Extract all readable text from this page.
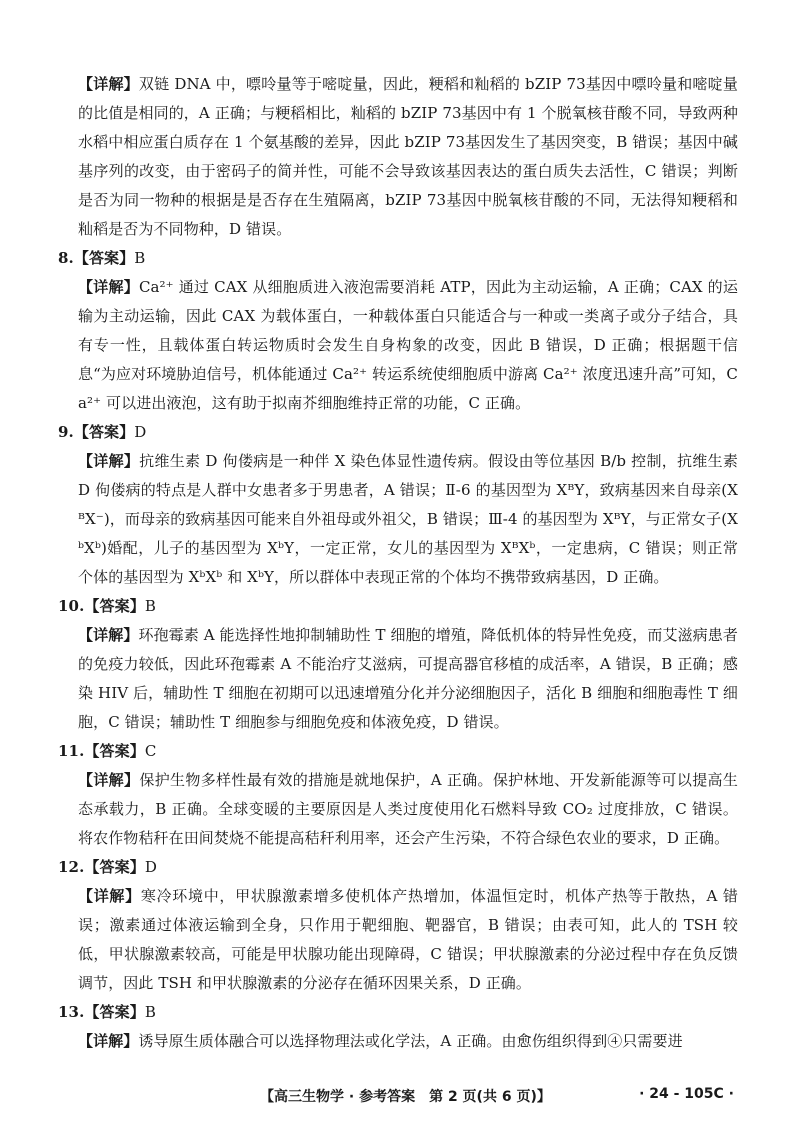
【详解】双链 DNA 中，嘌呤量等于嘧啶量，因此，粳稻和籼稻的 bZIP 73基因中嘌呤量和嘧啶量的比值是相同的，A 正确；与粳稻相比，籼稻的 bZIP 73基因中有 1 个脱氧核苷酸不同，导致两种水稻中相应蛋白质存在 1 个氨基酸的差异，因此 bZIP 73基因发生了基因突变，B 错误；基因中碱基序列的改变，由于密码子的简并性，可能不会导致该基因表达的蛋白质失去活性，C 错误；判断是否为同一物种的根据是是否存在生殖隔离，bZIP 73基因中脱氧核苷酸的不同，无法得知粳稻和籼稻是否为不同物种，D 错误。

8.【答案】B

【详解】Ca²⁺ 通过 CAX 从细胞质进入液泡需要消耗 ATP，因此为主动运输，A 正确；CAX 的运输为主动运输，因此 CAX 为载体蛋白，一种载体蛋白只能适合与一种或一类离子或分子结合，具有专一性，且载体蛋白转运物质时会发生自身构象的改变，因此 B 错误，D 正确；根据题干信息“为应对环境胁迫信号，机体能通过 Ca²⁺ 转运系统使细胞质中游离 Ca²⁺ 浓度迅速升高”可知，Ca²⁺ 可以进出液泡，这有助于拟南芥细胞维持正常的功能，C 正确。

9.【答案】D

【详解】抗维生素 D 佝偻病是一种伴 X 染色体显性遗传病。假设由等位基因 B/b 控制，抗维生素 D 佝偻病的特点是人群中女患者多于男患者，A 错误；Ⅱ-6 的基因型为 XᴮY，致病基因来自母亲(XᴮX⁻)，而母亲的致病基因可能来自外祖母或外祖父，B 错误；Ⅲ-4 的基因型为 XᴮY，与正常女子(XᵇXᵇ)婚配，儿子的基因型为 XᵇY，一定正常，女儿的基因型为 XᴮXᵇ，一定患病，C 错误；则正常个体的基因型为 XᵇXᵇ 和 XᵇY，所以群体中表现正常的个体均不携带致病基因，D 正确。

10.【答案】B

【详解】环孢霉素 A 能选择性地抑制辅助性 T 细胞的增殖，降低机体的特异性免疫，而艾滋病患者的免疫力较低，因此环孢霉素 A 不能治疗艾滋病，可提高器官移植的成活率，A 错误，B 正确；感染 HIV 后，辅助性 T 细胞在初期可以迅速增殖分化并分泌细胞因子，活化 B 细胞和细胞毒性 T 细胞，C 错误；辅助性 T 细胞参与细胞免疫和体液免疫，D 错误。

11.【答案】C

【详解】保护生物多样性最有效的措施是就地保护，A 正确。保护林地、开发新能源等可以提高生态承载力，B 正确。全球变暖的主要原因是人类过度使用化石燃料导致 CO₂ 过度排放，C 错误。将农作物秸秆在田间焚烧不能提高秸秆利用率，还会产生污染，不符合绿色农业的要求，D 正确。

12.【答案】D

【详解】寒冷环境中，甲状腺激素增多使机体产热增加，体温恒定时，机体产热等于散热，A 错误；激素通过体液运输到全身，只作用于靶细胞、靶器官，B 错误；由表可知，此人的 TSH 较低，甲状腺激素较高，可能是甲状腺功能出现障碍，C 错误；甲状腺激素的分泌过程中存在负反馈调节，因此 TSH 和甲状腺激素的分泌存在循环因果关系，D 正确。

13.【答案】B

【详解】诱导原生质体融合可以选择物理法或化学法，A 正确。由愈伤组织得到④只需要进

【高三生物学 · 参考答案　第 2 页(共 6 页)】	· 24 - 105C ·
